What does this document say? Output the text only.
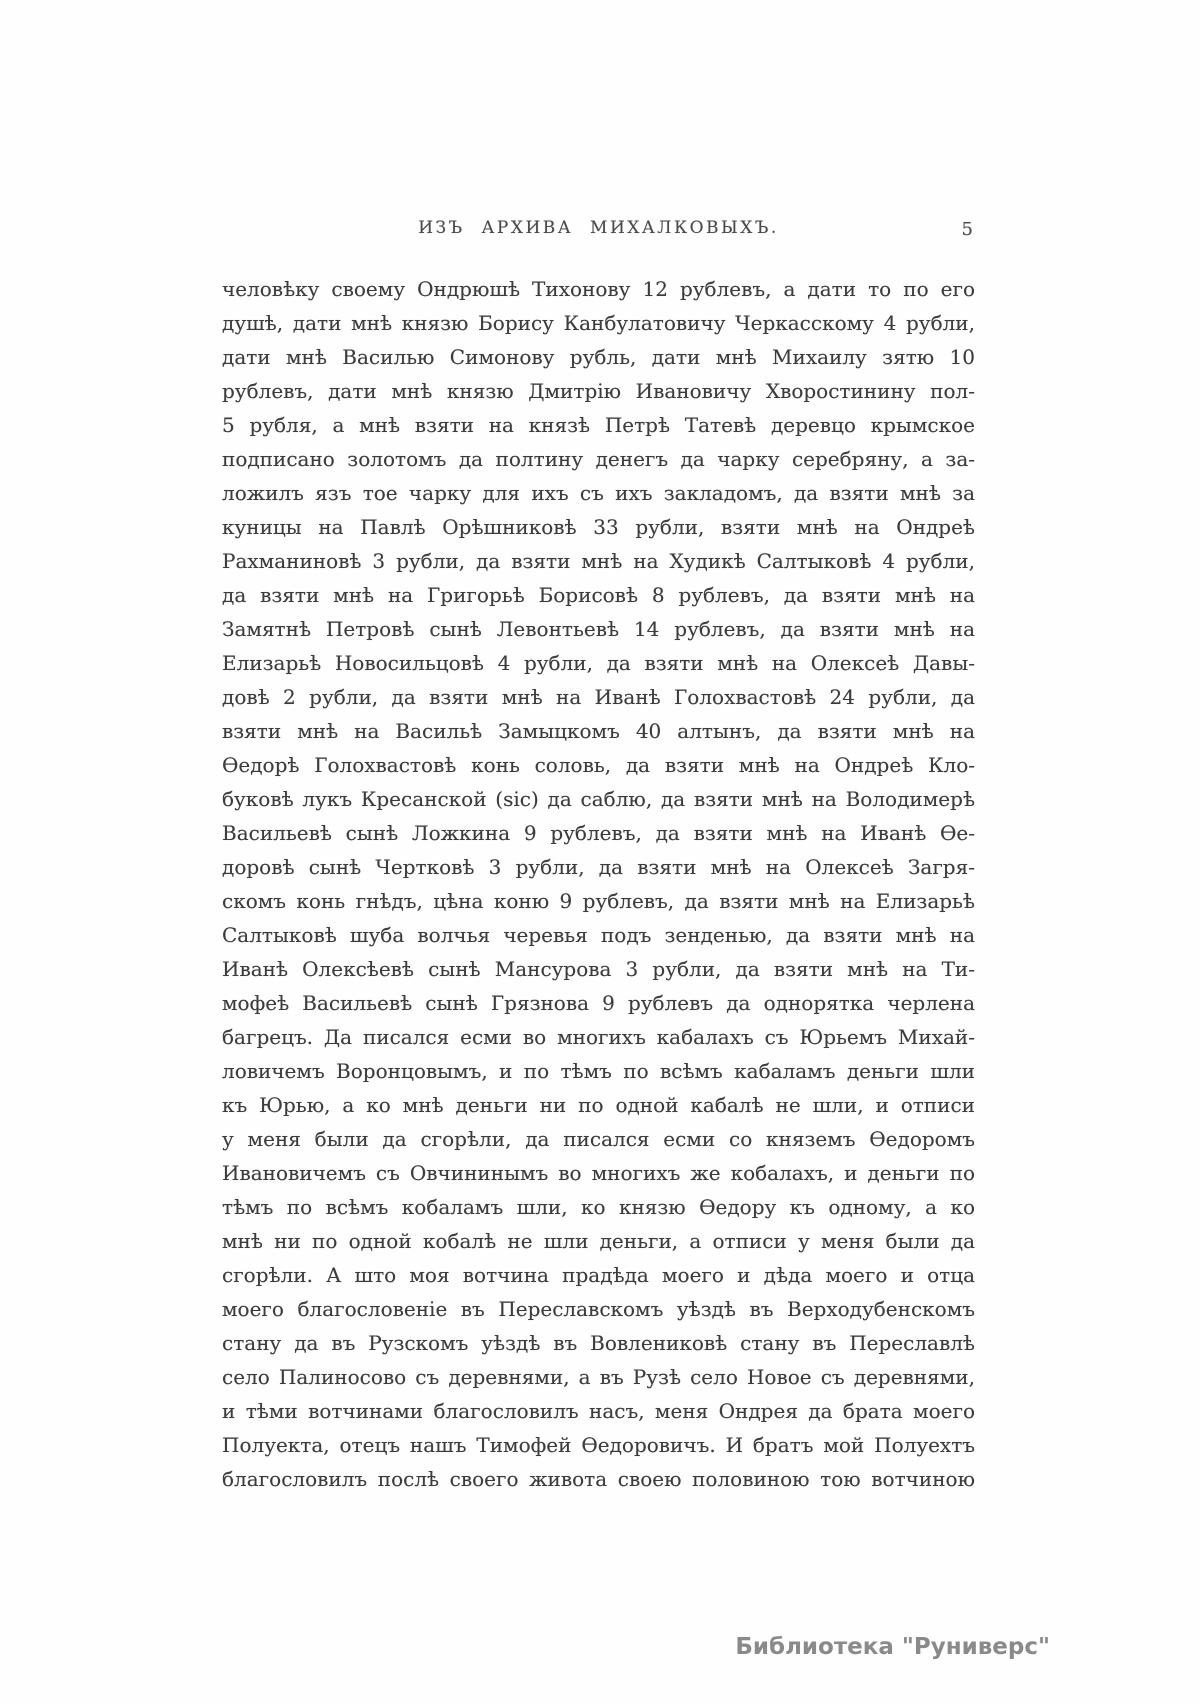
ИЗЪ АРХИВА МИХАЛКОВЫХЪ.	5
человѣку своему Ондрюшѣ Тихонову 12 рублевъ, а дати то по его
душѣ, дати мнѣ князю Борису Канбулатовичу Черкасскому 4 рубли,
дати мнѣ Василью Симонову рубль, дати мнѣ Михаилу зятю 10
рублевъ, дати мнѣ князю Дмитрію Ивановичу Хворостинину пол-
5 рубля, а мнѣ взяти на князѣ Петрѣ Татевѣ деревцо крымское
подписано золотомъ да полтину денегъ да чарку серебряну, а за-
ложилъ язъ тое чарку для ихъ съ ихъ закладомъ, да взяти мнѣ за
куницы на Павлѣ Орѣшниковѣ 33 рубли, взяти мнѣ на Ондреѣ
Рахманиновѣ 3 рубли, да взяти мнѣ на Худикѣ Салтыковѣ 4 рубли,
да взяти мнѣ на Григорьѣ Борисовѣ 8 рублевъ, да взяти мнѣ на
Замятнѣ Петровѣ сынѣ Левонтьевѣ 14 рублевъ, да взяти мнѣ на
Елизарьѣ Новосильцовѣ 4 рубли, да взяти мнѣ на Олексеѣ Давы-
довѣ 2 рубли, да взяти мнѣ на Иванѣ Голохвастовѣ 24 рубли, да
взяти мнѣ на Васильѣ Замыцкомъ 40 алтынъ, да взяти мнѣ на
Ѳедорѣ Голохвастовѣ конь соловь, да взяти мнѣ на Ондреѣ Кло-
буковѣ лукъ Кресанской (sic) да саблю, да взяти мнѣ на Володимерѣ
Васильевѣ сынѣ Ложкина 9 рублевъ, да взяти мнѣ на Иванѣ Ѳе-
доровѣ сынѣ Чертковѣ 3 рубли, да взяти мнѣ на Олексеѣ Загря-
скомъ конь гнѣдъ, цѣна коню 9 рублевъ, да взяти мнѣ на Елизарьѣ
Салтыковѣ шуба волчья черевья подъ зенденью, да взяти мнѣ на
Иванѣ Олексѣевѣ сынѣ Мансурова 3 рубли, да взяти мнѣ на Ти-
мофеѣ Васильевѣ сынѣ Грязнова 9 рублевъ да однорятка черлена
багрецъ. Да писался есми во многихъ кабалахъ съ Юрьемъ Михай-
ловичемъ Воронцовымъ, и по тѣмъ по всѣмъ кабаламъ деньги шли
къ Юрью, а ко мнѣ деньги ни по одной кабалѣ не шли, и отписи
у меня были да сгорѣли, да писался есми со княземъ Ѳедоромъ
Ивановичемъ съ Овчининымъ во многихъ же кобалахъ, и деньги по
тѣмъ по всѣмъ кобаламъ шли, ко князю Ѳедору къ одному, а ко
мнѣ ни по одной кобалѣ не шли деньги, а отписи у меня были да
сгорѣли. А што моя вотчина прадѣда моего и дѣда моего и отца
моего благословеніе въ Переславскомъ уѣздѣ въ Верходубенскомъ
стану да въ Рузскомъ уѣздѣ въ Вовлениковѣ стану въ Переславлѣ
село Палиносово съ деревнями, а въ Рузѣ село Новое съ деревнями,
и тѣми вотчинами благословилъ насъ, меня Ондрея да брата моего
Полуекта, отецъ нашъ Тимофей Ѳедоровичъ. И братъ мой Полуехтъ
благословилъ послѣ своего живота своею половиною тою вотчиною
Библиотека "Руниверс"
